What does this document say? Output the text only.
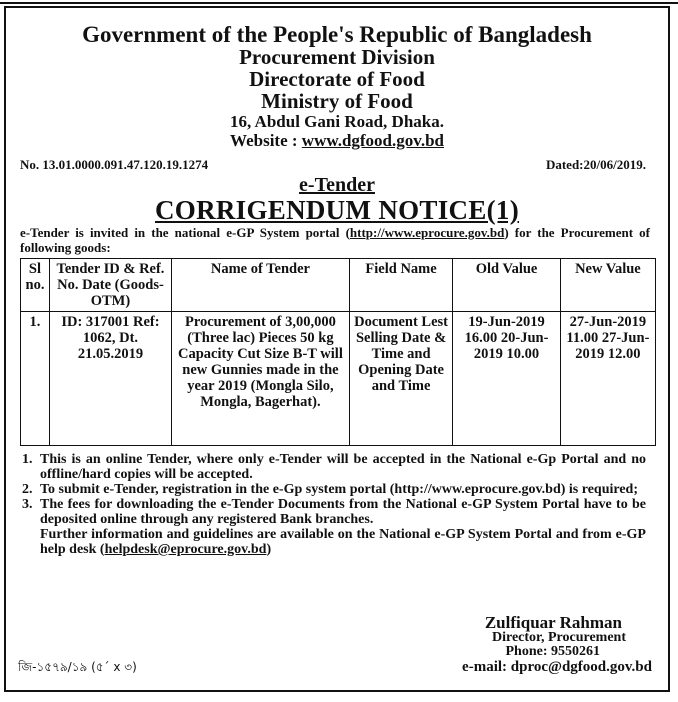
Government of the People's Republic of Bangladesh
Procurement Division
Directorate of Food
Ministry of Food
16, Abdul Gani Road, Dhaka.
Website : www.dgfood.gov.bd
No. 13.01.0000.091.47.120.19.1274	Dated:20/06/2019.
e-Tender
CORRIGENDUM NOTICE(1)
e-Tender is invited in the national e-GP System portal (http://www.eprocure.gov.bd) for the Procurement of following goods:
Sl no.	Tender ID & Ref. No. Date (Goods-OTM)	Name of Tender	Field Name	Old Value	New Value
1.	ID: 317001 Ref: 1062, Dt. 21.05.2019	Procurement of 3,00,000 (Three lac) Pieces 50 kg Capacity Cut Size B-T will new Gunnies made in the year 2019 (Mongla Silo, Mongla, Bagerhat).	Document Lest Selling Date & Time and Opening Date and Time	19-Jun-2019 16.00 20-Jun-2019 10.00	27-Jun-2019 11.00 27-Jun-2019 12.00
1. This is an online Tender, where only e-Tender will be accepted in the National e-Gp Portal and no offline/hard copies will be accepted.
2. To submit e-Tender, registration in the e-Gp system portal (http://www.eprocure.gov.bd) is required;
3. The fees for downloading the e-Tender Documents from the National e-GP System Portal have to be deposited online through any registered Bank branches.
Further information and guidelines are available on the National e-GP System Portal and from e-GP help desk (helpdesk@eprocure.gov.bd)
Zulfiquar Rahman
Director, Procurement
Phone: 9550261
e-mail: dproc@dgfood.gov.bd
জি-১৫৭৯/১৯ (৫´ x ৩)
